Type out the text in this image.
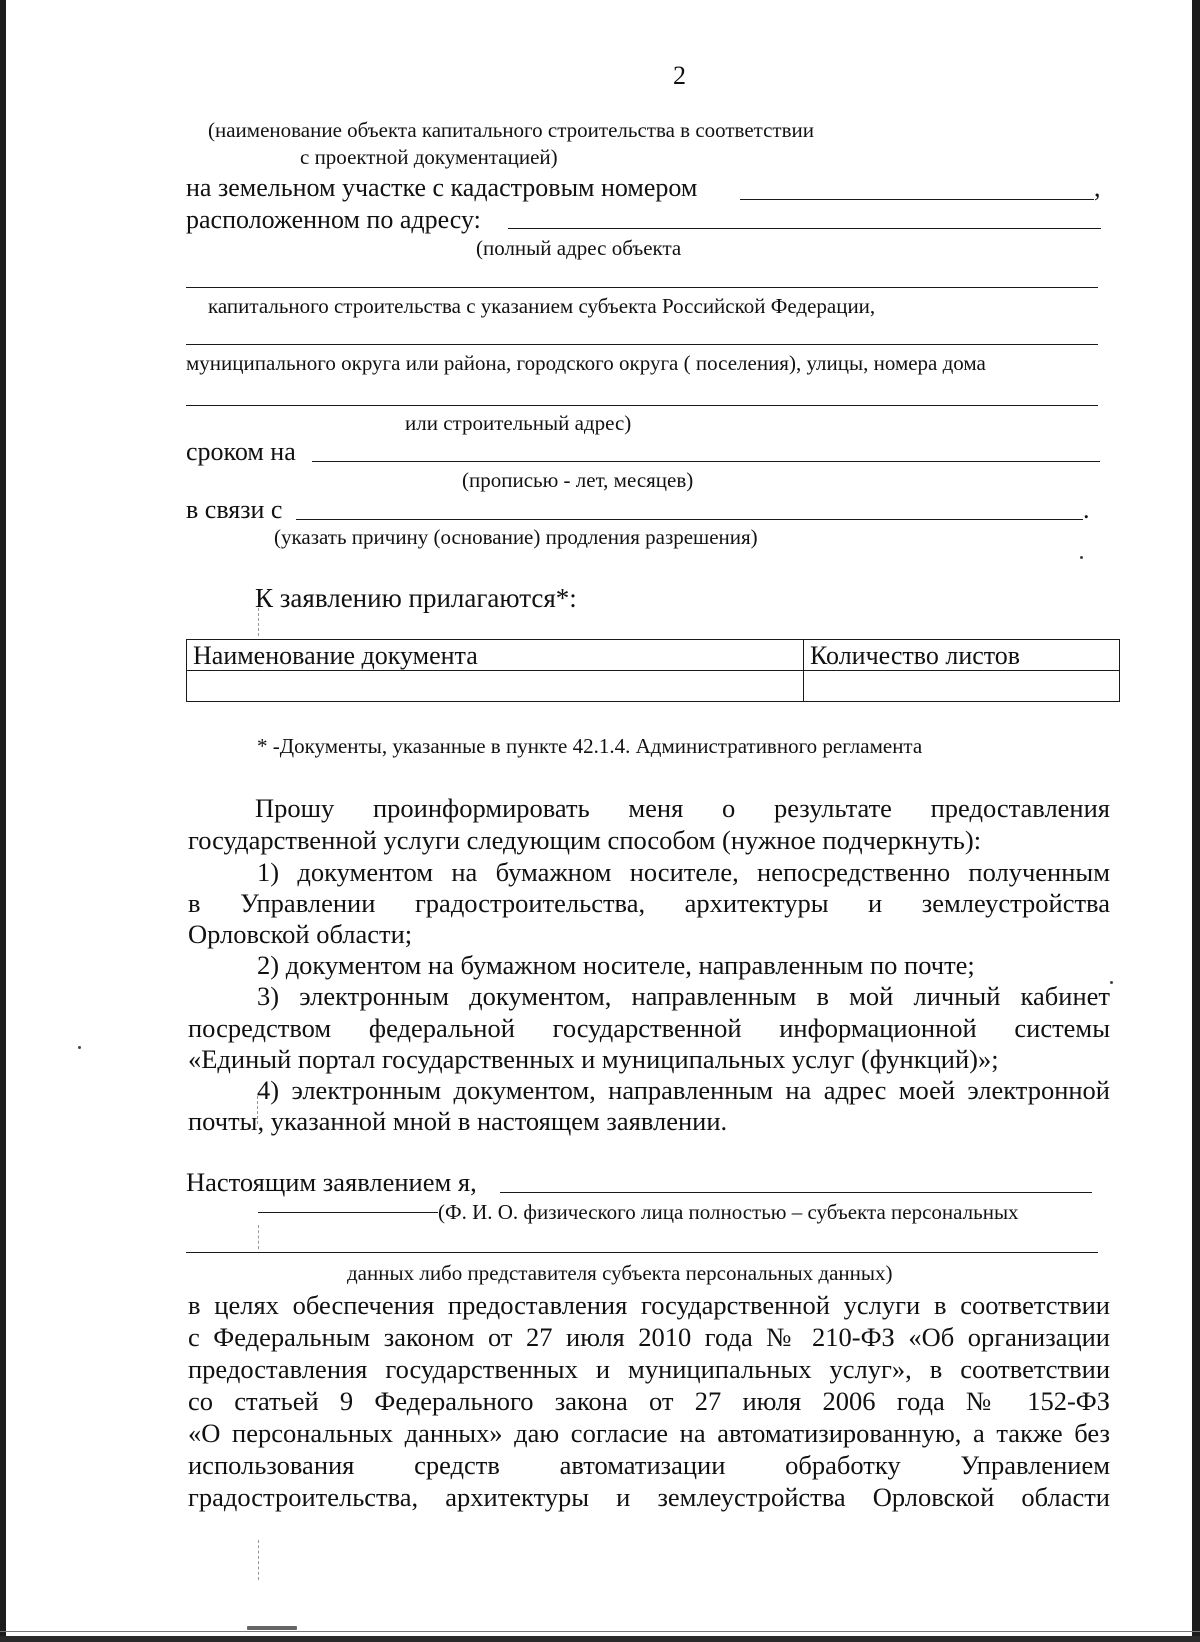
2
(наименование объекта капитального строительства в соответствии
с проектной документацией)
на земельном участке с кадастровым номером	,
расположенном по адресу:
(полный адрес объекта
капитального строительства с указанием субъекта Российской Федерации,
муниципального округа или района, городского округа ( поселения), улицы, номера дома
или строительный адрес)
сроком на
(прописью - лет, месяцев)
в связи с	.
(указать причину (основание) продления разрешения)
К заявлению прилагаются*:
Наименование документа	Количество листов

* -Документы, указанные в пункте 42.1.4. Административного регламента
Прошу проинформировать меня о результате предоставления
государственной услуги следующим способом (нужное подчеркнуть):
1) документом на бумажном носителе, непосредственно полученным
в Управлении градостроительства, архитектуры и землеустройства
Орловской области;
2) документом на бумажном носителе, направленным по почте;
3) электронным документом, направленным в мой личный кабинет
посредством федеральной государственной информационной системы
«Единый портал государственных и муниципальных услуг (функций)»;
4) электронным документом, направленным на адрес моей электронной
почты, указанной мной в настоящем заявлении.
Настоящим заявлением я,
(Ф. И. О. физического лица полностью – субъекта персональных
данных либо представителя субъекта персональных данных)
в целях обеспечения предоставления государственной услуги в соответствии
с Федеральным законом от 27 июля 2010 года № 210-ФЗ «Об организации
предоставления государственных и муниципальных услуг», в соответствии
со статьей 9 Федерального закона от 27 июля 2006 года № 152-ФЗ
«О персональных данных» даю согласие на автоматизированную, а также без
использования средств автоматизации обработку Управлением
градостроительства, архитектуры и землеустройства Орловской области
